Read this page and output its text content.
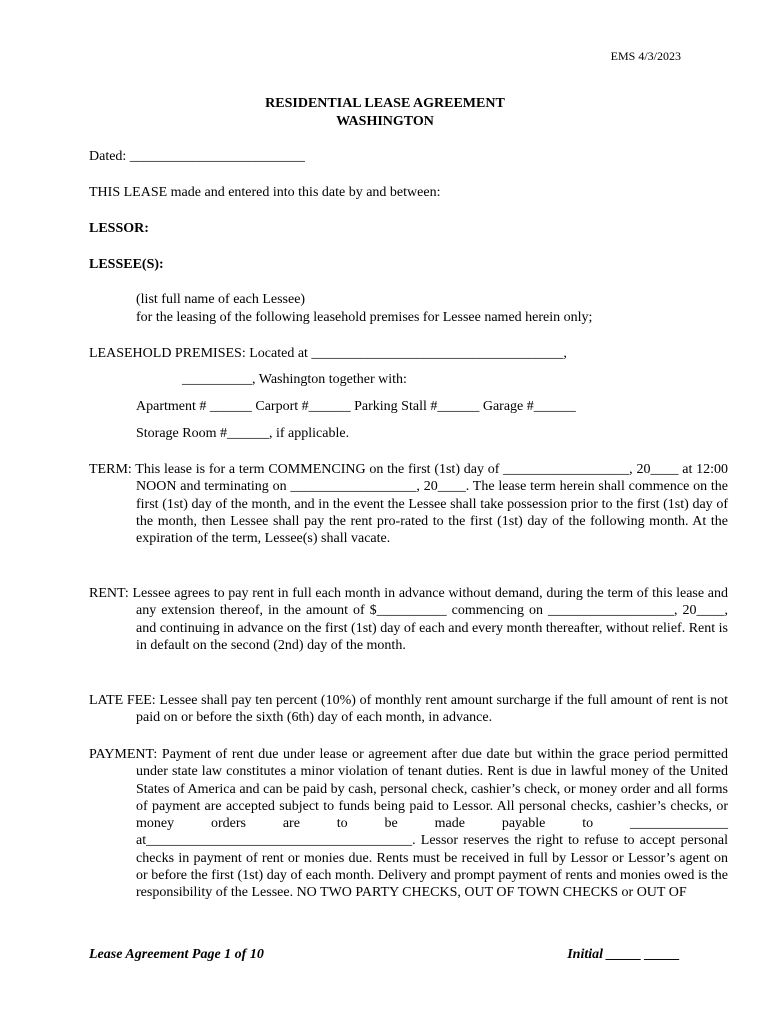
EMS 4/3/2023
RESIDENTIAL LEASE AGREEMENT
WASHINGTON
Dated: _________________________
THIS LEASE made and entered into this date by and between:
LESSOR:
LESSEE(S):
(list full name of each Lessee)
for the leasing of the following leasehold premises for Lessee named herein only;
LEASEHOLD PREMISES: Located at ____________________________________,
__________, Washington together with:
Apartment # ______ Carport #______ Parking Stall #______ Garage #______
Storage Room #______, if applicable.
TERM: This lease is for a term COMMENCING on the first (1st) day of __________________, 20____ at 12:00 NOON and terminating on __________________, 20____. The lease term herein shall commence on the first (1st) day of the month, and in the event the Lessee shall take possession prior to the first (1st) day of the month, then Lessee shall pay the rent pro-rated to the first (1st) day of the following month. At the expiration of the term, Lessee(s) shall vacate.
RENT: Lessee agrees to pay rent in full each month in advance without demand, during the term of this lease and any extension thereof, in the amount of $__________ commencing on __________________, 20____, and continuing in advance on the first (1st) day of each and every month thereafter, without relief. Rent is in default on the second (2nd) day of the month.
LATE FEE: Lessee shall pay ten percent (10%) of monthly rent amount surcharge if the full amount of rent is not paid on or before the sixth (6th) day of each month, in advance.
PAYMENT: Payment of rent due under lease or agreement after due date but within the grace period permitted under state law constitutes a minor violation of tenant duties. Rent is due in lawful money of the United States of America and can be paid by cash, personal check, cashier’s check, or money order and all forms of payment are accepted subject to funds being paid to Lessor. All personal checks, cashier’s checks, or money orders are to be made payable to ______________ at______________________________________. Lessor reserves the right to refuse to accept personal checks in payment of rent or monies due. Rents must be received in full by Lessor or Lessor’s agent on or before the first (1st) day of each month. Delivery and prompt payment of rents and monies owed is the responsibility of the Lessee. NO TWO PARTY CHECKS, OUT OF TOWN CHECKS or OUT OF
Lease Agreement Page 1 of 10	Initial _____ _____
